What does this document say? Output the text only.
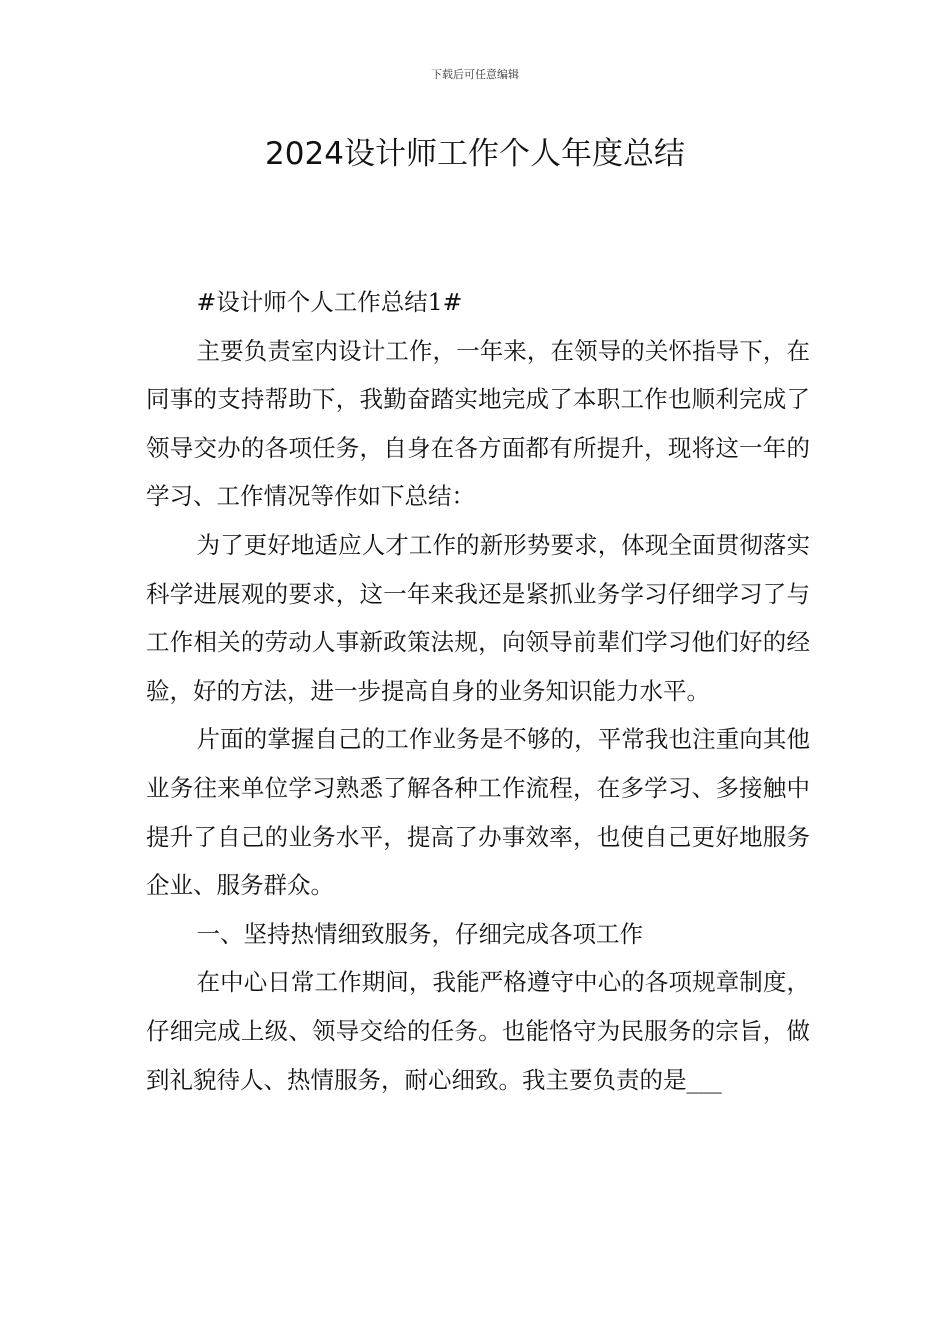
下载后可任意编辑
2024设计师工作个人年度总结

#设计师个人工作总结1#

主要负责室内设计工作，一年来，在领导的关怀指导下，在同事的支持帮助下，我勤奋踏实地完成了本职工作也顺利完成了领导交办的各项任务，自身在各方面都有所提升，现将这一年的学习、工作情况等作如下总结：

为了更好地适应人才工作的新形势要求，体现全面贯彻落实科学进展观的要求，这一年来我还是紧抓业务学习仔细学习了与工作相关的劳动人事新政策法规，向领导前辈们学习他们好的经验，好的方法，进一步提高自身的业务知识能力水平。

片面的掌握自己的工作业务是不够的，平常我也注重向其他业务往来单位学习熟悉了解各种工作流程，在多学习、多接触中提升了自己的业务水平，提高了办事效率，也使自己更好地服务企业、服务群众。

一、坚持热情细致服务，仔细完成各项工作

在中心日常工作期间，我能严格遵守中心的各项规章制度，仔细完成上级、领导交给的任务。也能恪守为民服务的宗旨，做到礼貌待人、热情服务，耐心细致。我主要负责的是___
